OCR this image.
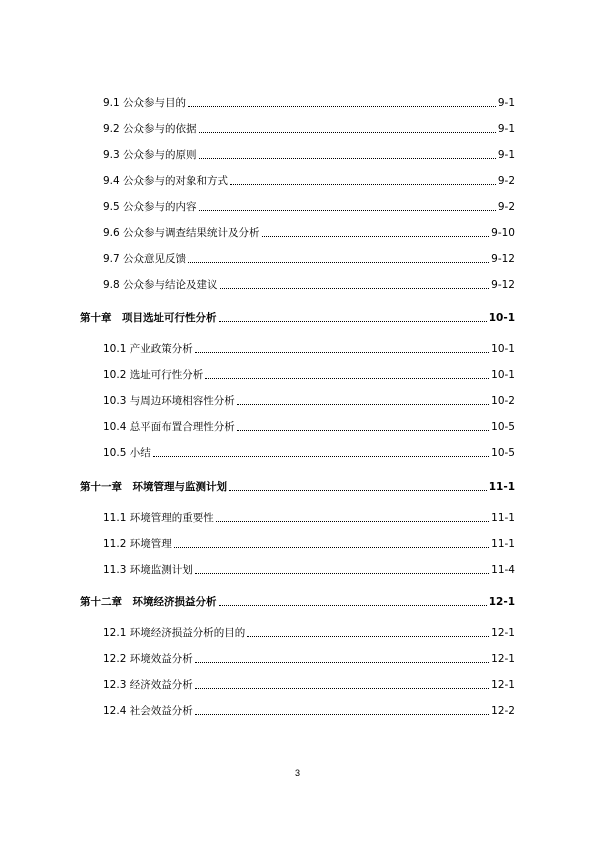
9.1 公众参与目的	9-1
9.2 公众参与的依据	9-1
9.3 公众参与的原则	9-1
9.4 公众参与的对象和方式	9-2
9.5 公众参与的内容	9-2
9.6 公众参与调查结果统计及分析	9-10
9.7 公众意见反馈	9-12
9.8 公众参与结论及建议	9-12
第十章　项目选址可行性分析	10-1
10.1 产业政策分析	10-1
10.2 选址可行性分析	10-1
10.3 与周边环境相容性分析	10-2
10.4 总平面布置合理性分析	10-5
10.5 小结	10-5
第十一章　环境管理与监测计划	11-1
11.1 环境管理的重要性	11-1
11.2 环境管理	11-1
11.3 环境监测计划	11-4
第十二章　环境经济损益分析	12-1
12.1 环境经济损益分析的目的	12-1
12.2 环境效益分析	12-1
12.3 经济效益分析	12-1
12.4 社会效益分析	12-2
3
